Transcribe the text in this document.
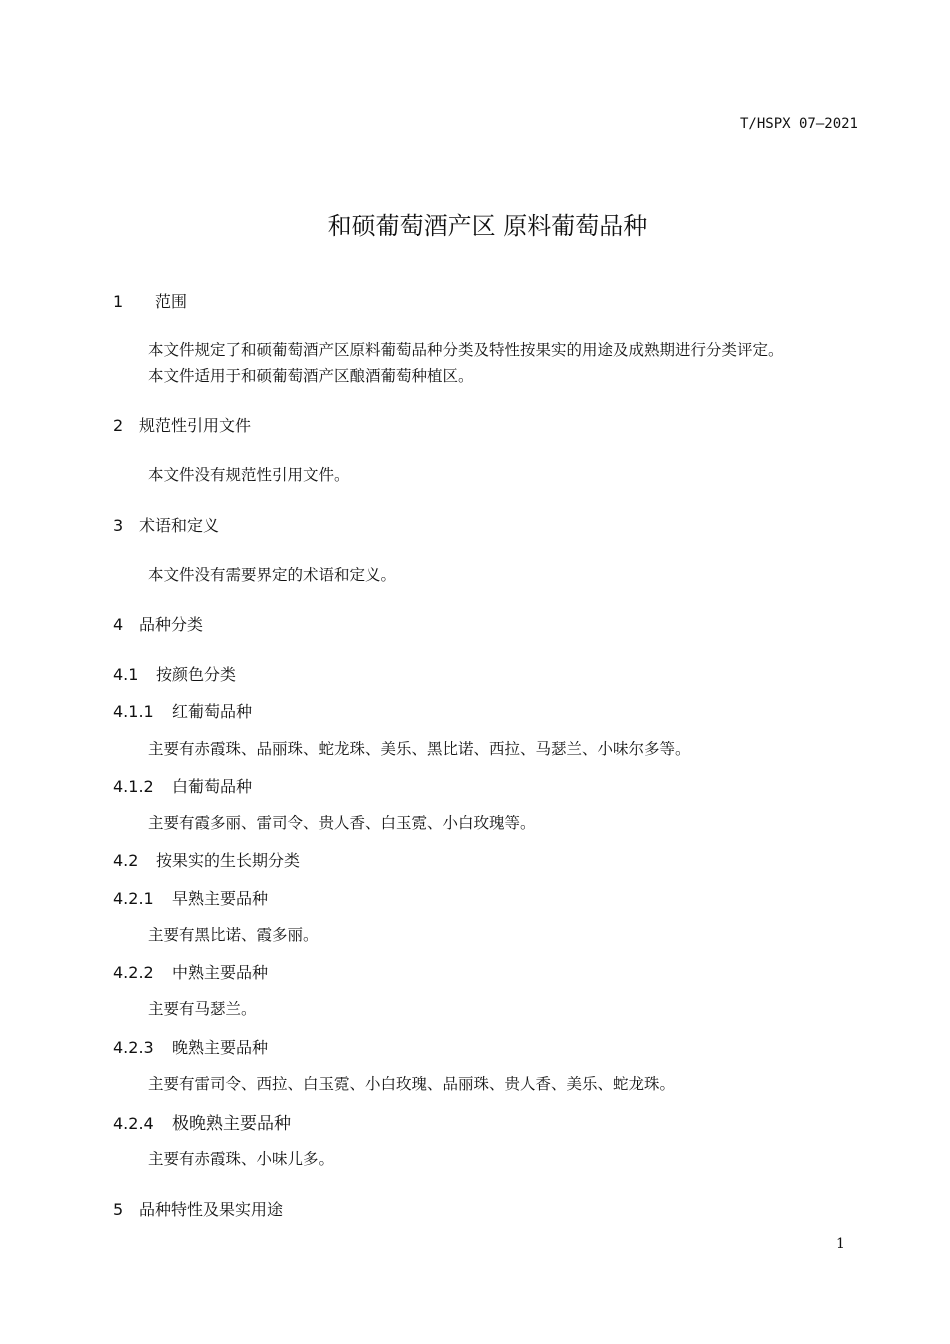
T/HSPX 07—2021
和硕葡萄酒产区 原料葡萄品种
1 范围
本文件规定了和硕葡萄酒产区原料葡萄品种分类及特性按果实的用途及成熟期进行分类评定。
本文件适用于和硕葡萄酒产区酿酒葡萄种植区。
2 规范性引用文件
本文件没有规范性引用文件。
3 术语和定义
本文件没有需要界定的术语和定义。
4 品种分类
4.1 按颜色分类
4.1.1 红葡萄品种
主要有赤霞珠、品丽珠、蛇龙珠、美乐、黑比诺、西拉、马瑟兰、小味尔多等。
4.1.2 白葡萄品种
主要有霞多丽、雷司令、贵人香、白玉霓、小白玫瑰等。
4.2 按果实的生长期分类
4.2.1 早熟主要品种
主要有黑比诺、霞多丽。
4.2.2 中熟主要品种
主要有马瑟兰。
4.2.3 晚熟主要品种
主要有雷司令、西拉、白玉霓、小白玫瑰、品丽珠、贵人香、美乐、蛇龙珠。
4.2.4 极晚熟主要品种
主要有赤霞珠、小味儿多。
5 品种特性及果实用途
1
